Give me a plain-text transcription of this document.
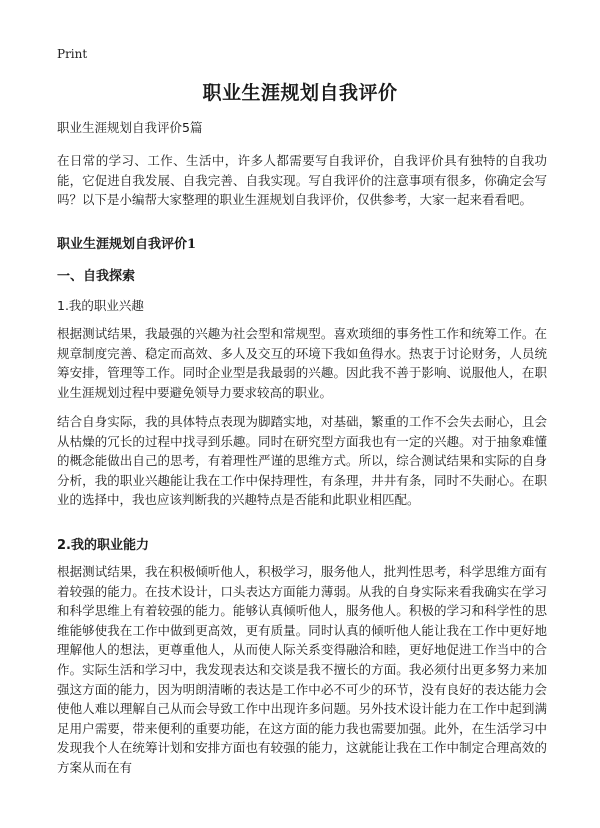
Print
职业生涯规划自我评价

职业生涯规划自我评价5篇

在日常的学习、工作、生活中，许多人都需要写自我评价，自我评价具有独特的自我功能，它促进自我发展、自我完善、自我实现。写自我评价的注意事项有很多，你确定会写吗？以下是小编帮大家整理的职业生涯规划自我评价，仅供参考，大家一起来看看吧。

职业生涯规划自我评价1

一、自我探索

1.我的职业兴趣

根据测试结果，我最强的兴趣为社会型和常规型。喜欢琐细的事务性工作和统筹工作。在规章制度完善、稳定而高效、多人及交互的环境下我如鱼得水。热衷于讨论财务，人员统筹安排，管理等工作。同时企业型是我最弱的兴趣。因此我不善于影响、说服他人，在职业生涯规划过程中要避免领导力要求较高的职业。

结合自身实际，我的具体特点表现为脚踏实地，对基础，繁重的工作不会失去耐心，且会从枯燥的冗长的过程中找寻到乐趣。同时在研究型方面我也有一定的兴趣。对于抽象难懂的概念能做出自己的思考，有着理性严谨的思维方式。所以，综合测试结果和实际的自身分析，我的职业兴趣能让我在工作中保持理性，有条理，井井有条，同时不失耐心。在职业的选择中，我也应该判断我的兴趣特点是否能和此职业相匹配。

2.我的职业能力

根据测试结果，我在积极倾听他人，积极学习，服务他人，批判性思考，科学思维方面有着较强的能力。在技术设计，口头表达方面能力薄弱。从我的自身实际来看我确实在学习和科学思维上有着较强的能力。能够认真倾听他人，服务他人。积极的学习和科学性的思维能够使我在工作中做到更高效，更有质量。同时认真的倾听他人能让我在工作中更好地理解他人的想法，更尊重他人，从而使人际关系变得融洽和睦，更好地促进工作当中的合作。实际生活和学习中，我发现表达和交谈是我不擅长的方面。我必须付出更多努力来加强这方面的能力，因为明朗清晰的表达是工作中必不可少的环节，没有良好的表达能力会使他人难以理解自己从而会导致工作中出现许多问题。另外技术设计能力在工作中起到满足用户需要，带来便利的重要功能，在这方面的能力我也需要加强。此外，在生活学习中发现我个人在统筹计划和安排方面也有较强的能力，这就能让我在工作中制定合理高效的方案从而在有
